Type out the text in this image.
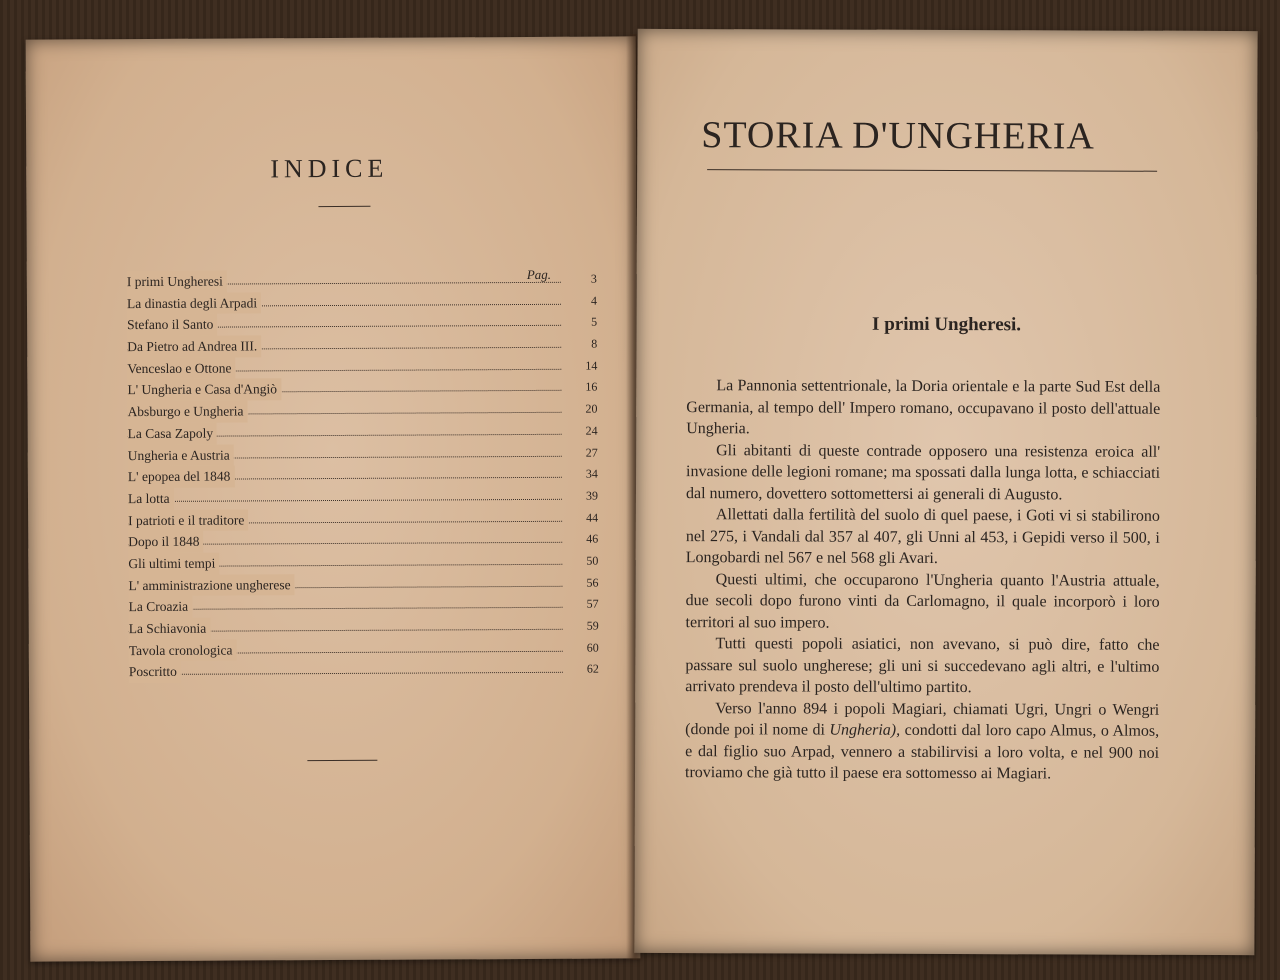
INDICE
Pag.
I primi Ungheresi	3
La dinastia degli Arpadi	4
Stefano il Santo	5
Da Pietro ad Andrea III.	8
Venceslao e Ottone	14
L' Ungheria e Casa d'Angiò	16
Absburgo e Ungheria	20
La Casa Zapoly	24
Ungheria e Austria	27
L' epopea del 1848	34
La lotta	39
I patrioti e il traditore	44
Dopo il 1848	46
Gli ultimi tempi	50
L' amministrazione ungherese	56
La Croazia	57
La Schiavonia	59
Tavola cronologica	60
Poscritto	62
STORIA D'UNGHERIA
I primi Ungheresi.

La Pannonia settentrionale, la Doria orientale e la parte Sud Est della Germania, al tempo dell' Impero romano, occupavano il posto dell'attuale Ungheria.

Gli abitanti di queste contrade opposero una resistenza eroica all' invasione delle legioni romane; ma spossati dalla lunga lotta, e schiacciati dal numero, dovettero sottomettersi ai generali di Augusto.

Allettati dalla fertilità del suolo di quel paese, i Goti vi si stabilirono nel 275, i Vandali dal 357 al 407, gli Unni al 453, i Gepidi verso il 500, i Longobardi nel 567 e nel 568 gli Avari.

Questi ultimi, che occuparono l'Ungheria quanto l'Austria attuale, due secoli dopo furono vinti da Carlomagno, il quale incorporò i loro territori al suo impero.

Tutti questi popoli asiatici, non avevano, si può dire, fatto che passare sul suolo ungherese; gli uni si succedevano agli altri, e l'ultimo arrivato prendeva il posto dell'ultimo partito.

Verso l'anno 894 i popoli Magiari, chiamati Ugri, Ungri o Wengri (donde poi il nome di Ungheria), condotti dal loro capo Almus, o Almos, e dal figlio suo Arpad, vennero a stabilirvisi a loro volta, e nel 900 noi troviamo che già tutto il paese era sottomesso ai Magiari.
